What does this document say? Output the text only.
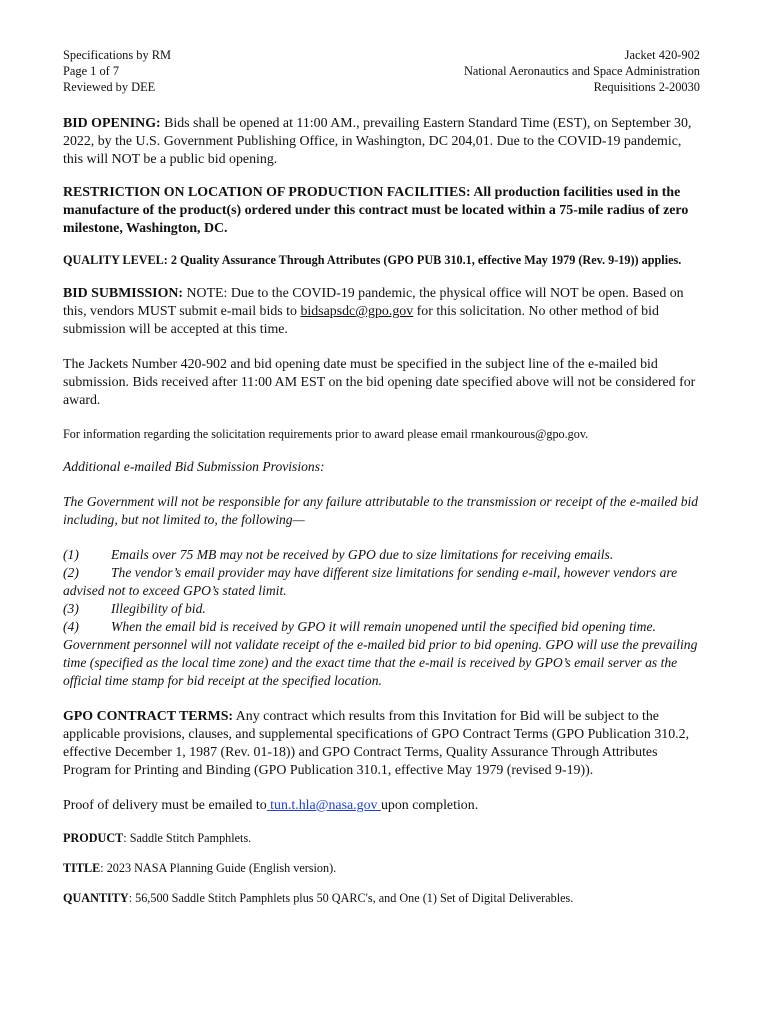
Specifications by RM
Page 1 of 7
Reviewed by DEE
Jacket 420-902
National Aeronautics and Space Administration
Requisitions 2-20030

BID OPENING: Bids shall be opened at 11:00 AM., prevailing Eastern Standard Time (EST), on September 30, 2022, by the U.S. Government Publishing Office, in Washington, DC 204,01. Due to the COVID-19 pandemic, this will NOT be a public bid opening.

RESTRICTION ON LOCATION OF PRODUCTION FACILITIES: All production facilities used in the manufacture of the product(s) ordered under this contract must be located within a 75-mile radius of zero milestone, Washington, DC.

QUALITY LEVEL: 2 Quality Assurance Through Attributes (GPO PUB 310.1, effective May 1979 (Rev. 9-19)) applies.

BID SUBMISSION: NOTE: Due to the COVID-19 pandemic, the physical office will NOT be open. Based on this, vendors MUST submit e-mail bids to bidsapsdc@gpo.gov for this solicitation. No other method of bid submission will be accepted at this time.

The Jackets Number 420-902 and bid opening date must be specified in the subject line of the e-mailed bid submission. Bids received after 11:00 AM EST on the bid opening date specified above will not be considered for award.

For information regarding the solicitation requirements prior to award please email rmankourous@gpo.gov.

Additional e-mailed Bid Submission Provisions:

The Government will not be responsible for any failure attributable to the transmission or receipt of the e-mailed bid including, but not limited to, the following—

(1) Emails over 75 MB may not be received by GPO due to size limitations for receiving emails.

(2) The vendor’s email provider may have different size limitations for sending e-mail, however vendors are advised not to exceed GPO’s stated limit.

(3) Illegibility of bid.

(4) When the email bid is received by GPO it will remain unopened until the specified bid opening time. Government personnel will not validate receipt of the e-mailed bid prior to bid opening. GPO will use the prevailing time (specified as the local time zone) and the exact time that the e-mail is received by GPO’s email server as the official time stamp for bid receipt at the specified location.

GPO CONTRACT TERMS: Any contract which results from this Invitation for Bid will be subject to the applicable provisions, clauses, and supplemental specifications of GPO Contract Terms (GPO Publication 310.2, effective December 1, 1987 (Rev. 01-18)) and GPO Contract Terms, Quality Assurance Through Attributes Program for Printing and Binding (GPO Publication 310.1, effective May 1979 (revised 9-19)).

Proof of delivery must be emailed to tun.t.hla@nasa.gov upon completion.

PRODUCT: Saddle Stitch Pamphlets.

TITLE: 2023 NASA Planning Guide (English version).

QUANTITY: 56,500 Saddle Stitch Pamphlets plus 50 QARC's, and One (1) Set of Digital Deliverables.
